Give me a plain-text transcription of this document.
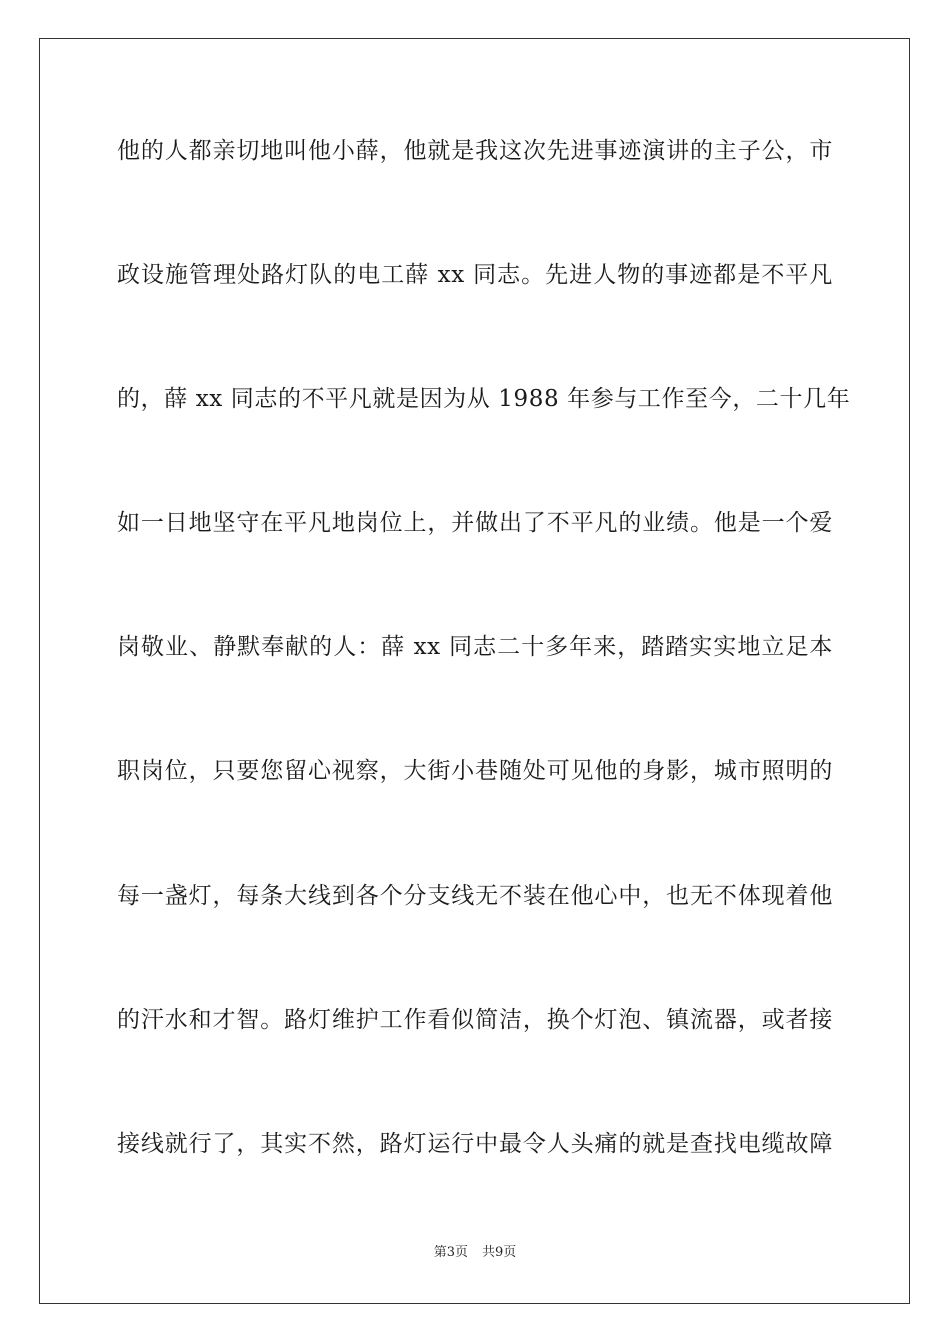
他的人都亲切地叫他小薛，他就是我这次先进事迹演讲的主子公，市
政设施管理处路灯队的电工薛 xx 同志。先进人物的事迹都是不平凡
的，薛 xx 同志的不平凡就是因为从 1988 年参与工作至今，二十几年
如一日地坚守在平凡地岗位上，并做出了不平凡的业绩。他是一个爱
岗敬业、静默奉献的人：薛 xx 同志二十多年来，踏踏实实地立足本
职岗位，只要您留心视察，大街小巷随处可见他的身影，城市照明的
每一盏灯，每条大线到各个分支线无不装在他心中，也无不体现着他
的汗水和才智。路灯维护工作看似简洁，换个灯泡、镇流器，或者接
接线就行了，其实不然，路灯运行中最令人头痛的就是查找电缆故障
第3页 共9页
